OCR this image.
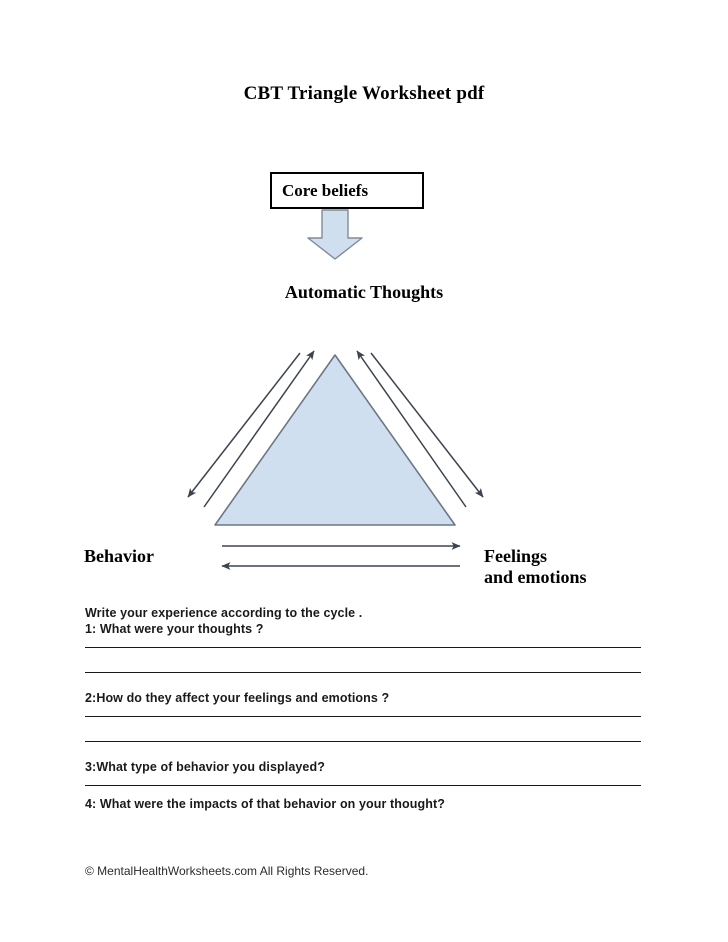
CBT Triangle Worksheet pdf
Core beliefs
Automatic Thoughts
Behavior	Feelings
and emotions
Write your experience according to the cycle .
1: What were your thoughts ?
2:How do they affect your feelings and emotions ?
3:What type of behavior you displayed?
4: What were the impacts of that behavior on your thought?
© MentalHealthWorksheets.com All Rights Reserved.
